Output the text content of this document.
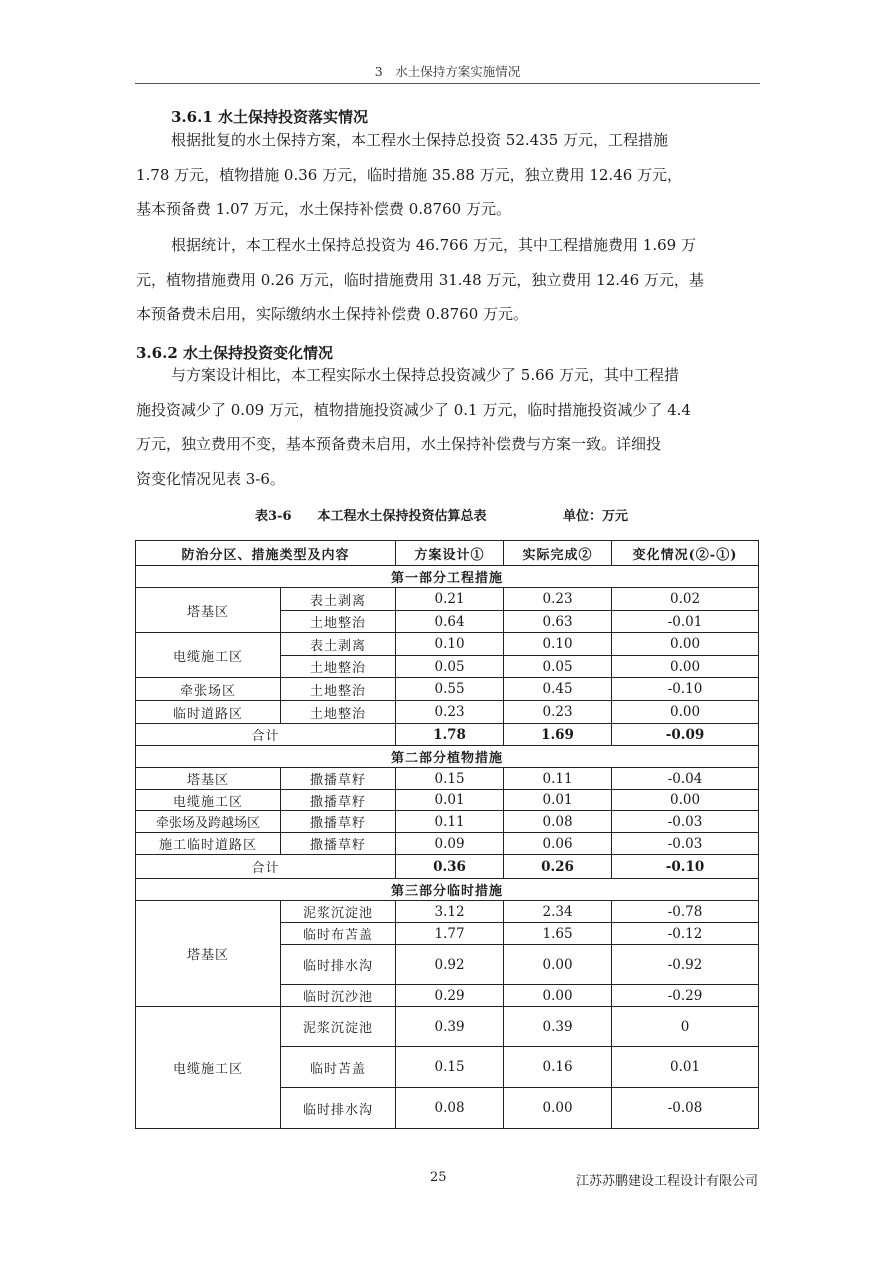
3　水土保持方案实施情况
3.6.1 水土保持投资落实情况
根据批复的水土保持方案，本工程水土保持总投资 52.435 万元，工程措施
1.78 万元，植物措施 0.36 万元，临时措施 35.88 万元，独立费用 12.46 万元，
基本预备费 1.07 万元，水土保持补偿费 0.8760 万元。
根据统计，本工程水土保持总投资为 46.766 万元，其中工程措施费用 1.69 万
元，植物措施费用 0.26 万元，临时措施费用 31.48 万元，独立费用 12.46 万元，基
本预备费未启用，实际缴纳水土保持补偿费 0.8760 万元。
3.6.2 水土保持投资变化情况
与方案设计相比，本工程实际水土保持总投资减少了 5.66 万元，其中工程措
施投资减少了 0.09 万元，植物措施投资减少了 0.1 万元，临时措施投资减少了 4.4
万元，独立费用不变，基本预备费未启用，水土保持补偿费与方案一致。详细投
资变化情况见表 3-6。
表3-6　　本工程水土保持投资估算总表	单位：万元
防治分区、措施类型及内容		方案设计①	实际完成②	变化情况(②-①)
第一部分工程措施				
塔基区	表土剥离	0.21	0.23	0.02
	土地整治	0.64	0.63	-0.01
电缆施工区	表土剥离	0.10	0.10	0.00
	土地整治	0.05	0.05	0.00
牵张场区	土地整治	0.55	0.45	-0.10
临时道路区	土地整治	0.23	0.23	0.00
合计		1.78	1.69	-0.09
第二部分植物措施				
塔基区	撒播草籽	0.15	0.11	-0.04
电缆施工区	撒播草籽	0.01	0.01	0.00
牵张场及跨越场区	撒播草籽	0.11	0.08	-0.03
施工临时道路区	撒播草籽	0.09	0.06	-0.03
合计		0.36	0.26	-0.10
第三部分临时措施				
塔基区	泥浆沉淀池	3.12	2.34	-0.78
	临时布苫盖	1.77	1.65	-0.12
	临时排水沟	0.92	0.00	-0.92
	临时沉沙池	0.29	0.00	-0.29
电缆施工区	泥浆沉淀池	0.39	0.39	0
	临时苫盖	0.15	0.16	0.01
	临时排水沟	0.08	0.00	-0.08
25	江苏苏鹏建设工程设计有限公司
